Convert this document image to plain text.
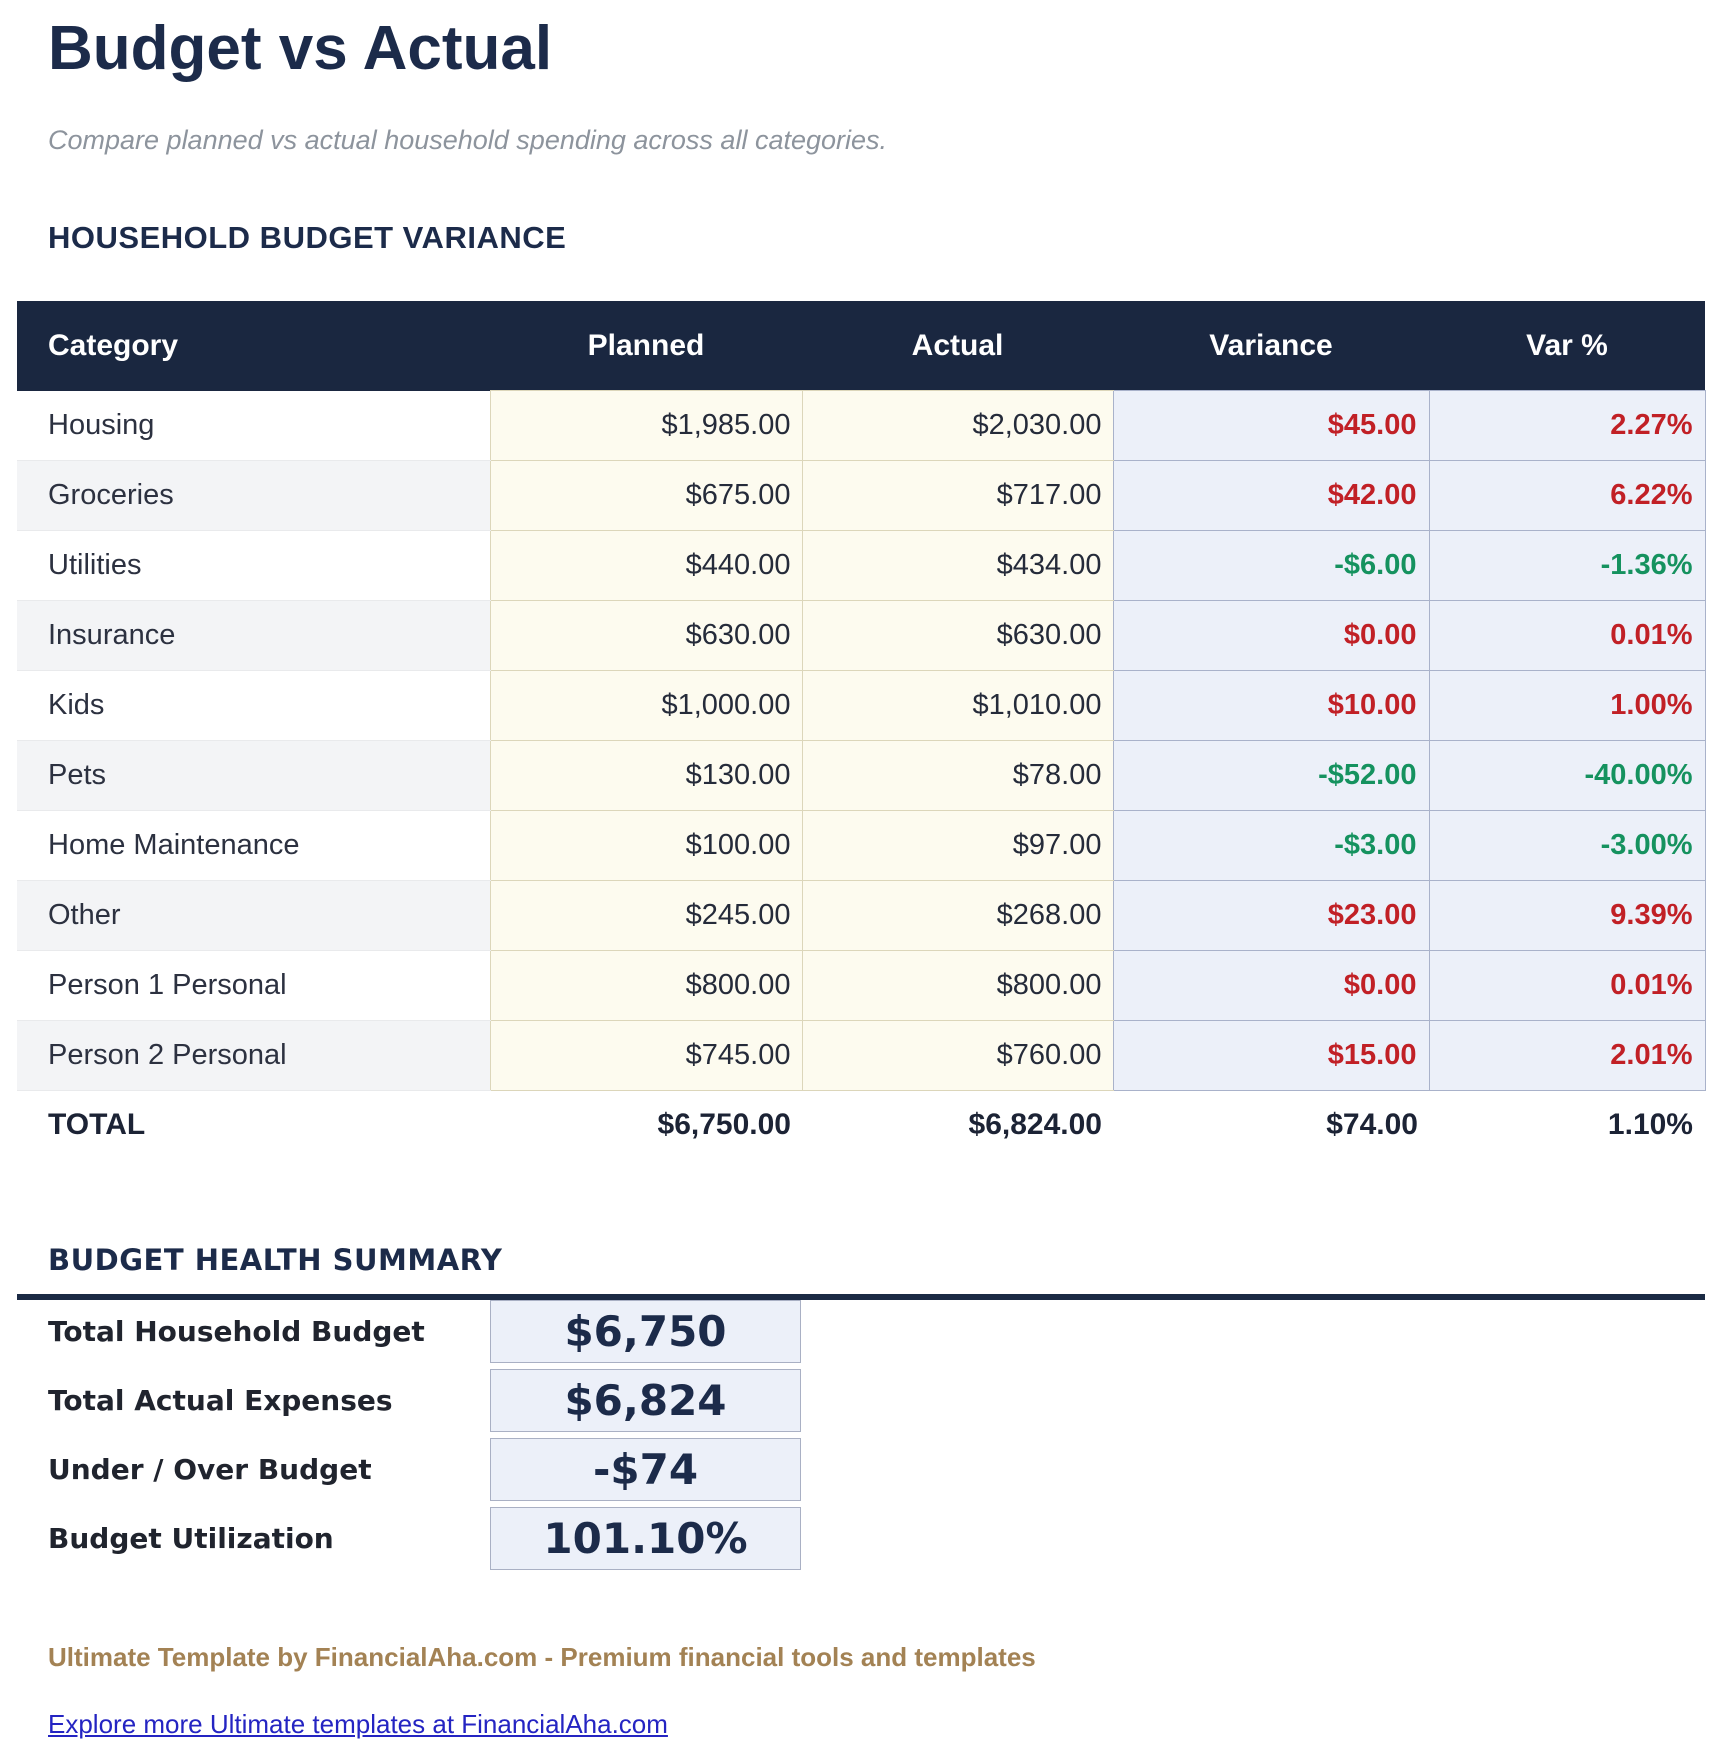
Budget vs Actual

Compare planned vs actual household spending across all categories.

HOUSEHOLD BUDGET VARIANCE
Category	Planned	Actual	Variance	Var %
Housing	$1,985.00	$2,030.00	$45.00	2.27%
Groceries	$675.00	$717.00	$42.00	6.22%
Utilities	$440.00	$434.00	-$6.00	-1.36%
Insurance	$630.00	$630.00	$0.00	0.01%
Kids	$1,000.00	$1,010.00	$10.00	1.00%
Pets	$130.00	$78.00	-$52.00	-40.00%
Home Maintenance	$100.00	$97.00	-$3.00	-3.00%
Other	$245.00	$268.00	$23.00	9.39%
Person 1 Personal	$800.00	$800.00	$0.00	0.01%
Person 2 Personal	$745.00	$760.00	$15.00	2.01%
TOTAL	$6,750.00	$6,824.00	$74.00	1.10%
BUDGET HEALTH SUMMARY
Total Household Budget	$6,750
Total Actual Expenses	$6,824
Under / Over Budget	-$74
Budget Utilization	101.10%
Ultimate Template by FinancialAha.com - Premium financial tools and templates
Explore more Ultimate templates at FinancialAha.com
